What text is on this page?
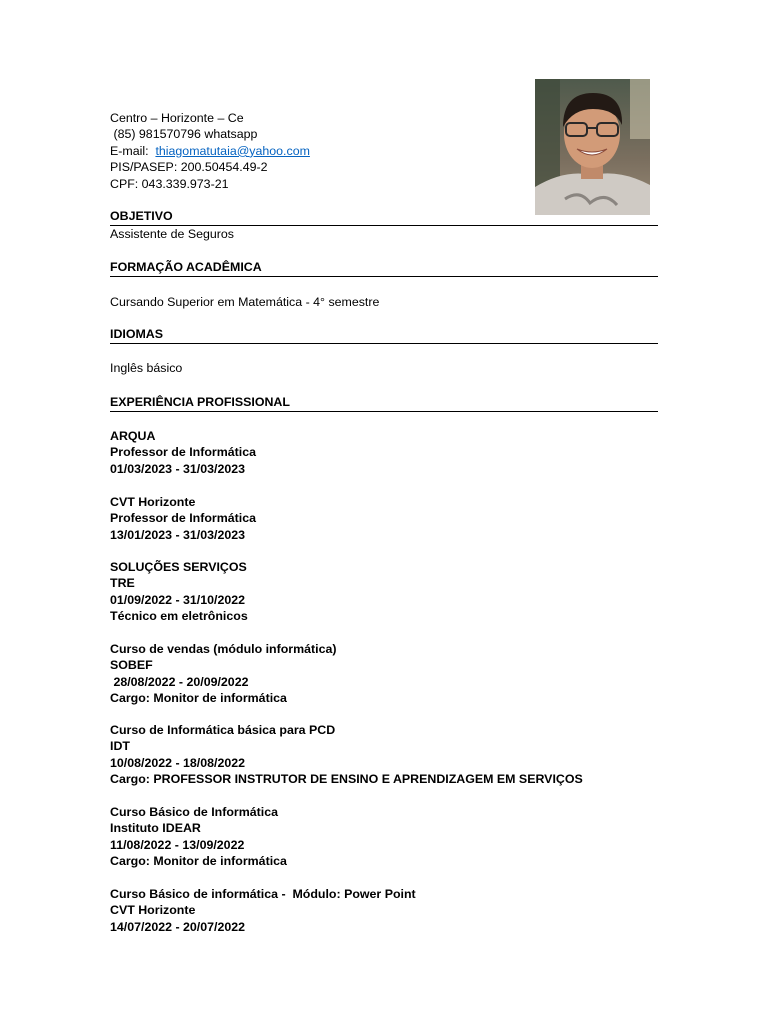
Centro – Horizonte – Ce
(85) 981570796 whatsapp
E-mail:  thiagomatutaia@yahoo.com
PIS/PASEP: 200.50454.49-2
CPF: 043.339.973-21
OBJETIVO
Assistente de Seguros
FORMAÇÃO ACADÊMICA
Cursando Superior em Matemática - 4° semestre
IDIOMAS
Inglês básico
EXPERIÊNCIA PROFISSIONAL
ARQUA
Professor de Informática
01/03/2023 - 31/03/2023
CVT Horizonte
Professor de Informática
13/01/2023 - 31/03/2023
SOLUÇÕES SERVIÇOS
TRE
01/09/2022 - 31/10/2022
Técnico em eletrônicos
Curso de vendas (módulo informática)
SOBEF
28/08/2022 - 20/09/2022
Cargo: Monitor de informática
Curso de Informática básica para PCD
IDT
10/08/2022 - 18/08/2022
Cargo: PROFESSOR INSTRUTOR DE ENSINO E APRENDIZAGEM EM SERVIÇOS
Curso Básico de Informática
Instituto IDEAR
11/08/2022 - 13/09/2022
Cargo: Monitor de informática
Curso Básico de informática -  Módulo: Power Point
CVT Horizonte
14/07/2022 - 20/07/2022
